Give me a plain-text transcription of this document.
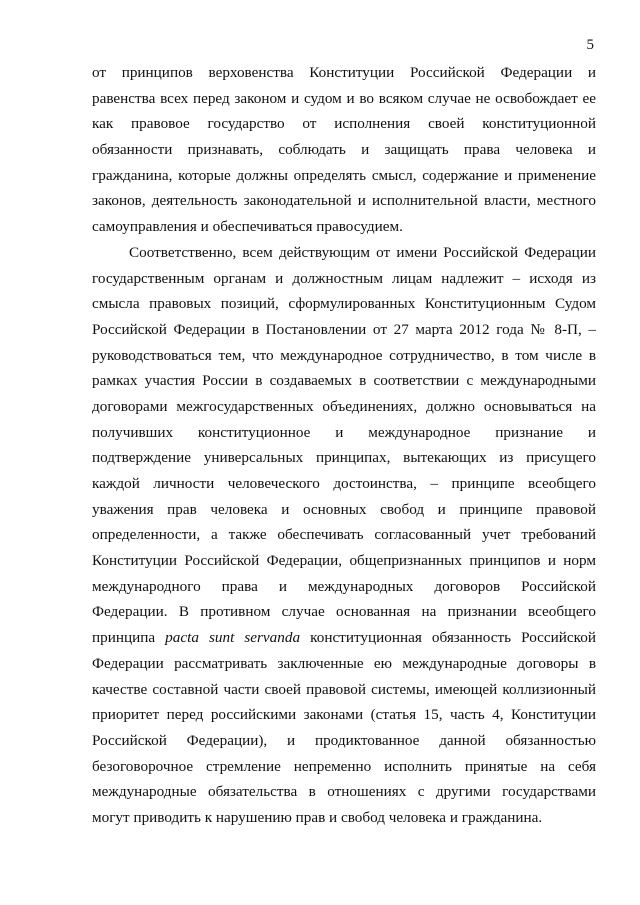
5
от принципов верховенства Конституции Российской Федерации и
равенства всех перед законом и судом и во всяком случае не освобождает ее
как правовое государство от исполнения своей конституционной
обязанности признавать, соблюдать и защищать права человека и
гражданина, которые должны определять смысл, содержание и применение
законов, деятельность законодательной и исполнительной власти, местного
самоуправления и обеспечиваться правосудием.
Соответственно, всем действующим от имени Российской Федерации
государственным органам и должностным лицам надлежит – исходя из
смысла правовых позиций, сформулированных Конституционным Судом
Российской Федерации в Постановлении от 27 марта 2012 года № 8-П, –
руководствоваться тем, что международное сотрудничество, в том числе в
рамках участия России в создаваемых в соответствии с международными
договорами межгосударственных объединениях, должно основываться на
получивших конституционное и международное признание и
подтверждение универсальных принципах, вытекающих из присущего
каждой личности человеческого достоинства, – принципе всеобщего
уважения прав человека и основных свобод и принципе правовой
определенности, а также обеспечивать согласованный учет требований
Конституции Российской Федерации, общепризнанных принципов и норм
международного права и международных договоров Российской
Федерации. В противном случае основанная на признании всеобщего
принципа pacta sunt servanda конституционная обязанность Российской
Федерации рассматривать заключенные ею международные договоры в
качестве составной части своей правовой системы, имеющей коллизионный
приоритет перед российскими законами (статья 15, часть 4, Конституции
Российской Федерации), и продиктованное данной обязанностью
безоговорочное стремление непременно исполнить принятые на себя
международные обязательства в отношениях с другими государствами
могут приводить к нарушению прав и свобод человека и гражданина.
